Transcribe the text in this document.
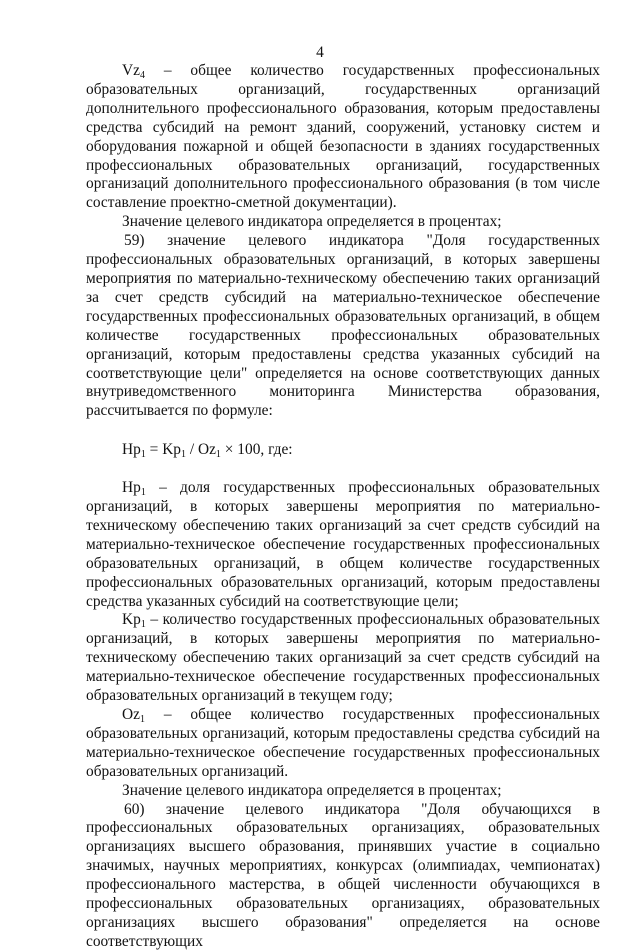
4

$Vz_4$ – общее количество государственных профессиональных образовательных организаций, государственных организаций дополнительного профессионального образования, которым предоставлены средства субсидий на ремонт зданий, сооружений, установку систем и оборудования пожарной и общей безопасности в зданиях государственных профессиональных образовательных организаций, государственных организаций дополнительного профессионального образования (в том числе составление проектно-сметной документации).

Значение целевого индикатора определяется в процентах;

59) значение целевого индикатора "Доля государственных профессиональных образовательных организаций, в которых завершены мероприятия по материально-техническому обеспечению таких организаций за счет средств субсидий на материально-техническое обеспечение государственных профессиональных образовательных организаций, в общем количестве государственных профессиональных образовательных организаций, которым предоставлены средства указанных субсидий на соответствующие цели" определяется на основе соответствующих данных внутриведомственного мониторинга Министерства образования, рассчитывается по формуле:

$Hp_1 = Kp_1 / Oz_1 \times 100$, где:

$Hp_1$ – доля государственных профессиональных образовательных организаций, в которых завершены мероприятия по материально-техническому обеспечению таких организаций за счет средств субсидий на материально-техническое обеспечение государственных профессиональных образовательных организаций, в общем количестве государственных профессиональных образовательных организаций, которым предоставлены средства указанных субсидий на соответствующие цели;

$Kp_1$ – количество государственных профессиональных образовательных организаций, в которых завершены мероприятия по материально-техническому обеспечению таких организаций за счет средств субсидий на материально-техническое обеспечение государственных профессиональных образовательных организаций в текущем году;

$Oz_1$ – общее количество государственных профессиональных образовательных организаций, которым предоставлены средства субсидий на материально-техническое обеспечение государственных профессиональных образовательных организаций.

Значение целевого индикатора определяется в процентах;

60) значение целевого индикатора "Доля обучающихся в профессиональных образовательных организациях, образовательных организациях высшего образования, принявших участие в социально значимых, научных мероприятиях, конкурсах (олимпиадах, чемпионатах) профессионального мастерства, в общей численности обучающихся в профессиональных образовательных организациях, образовательных организациях высшего образования" определяется на основе соответствующих
